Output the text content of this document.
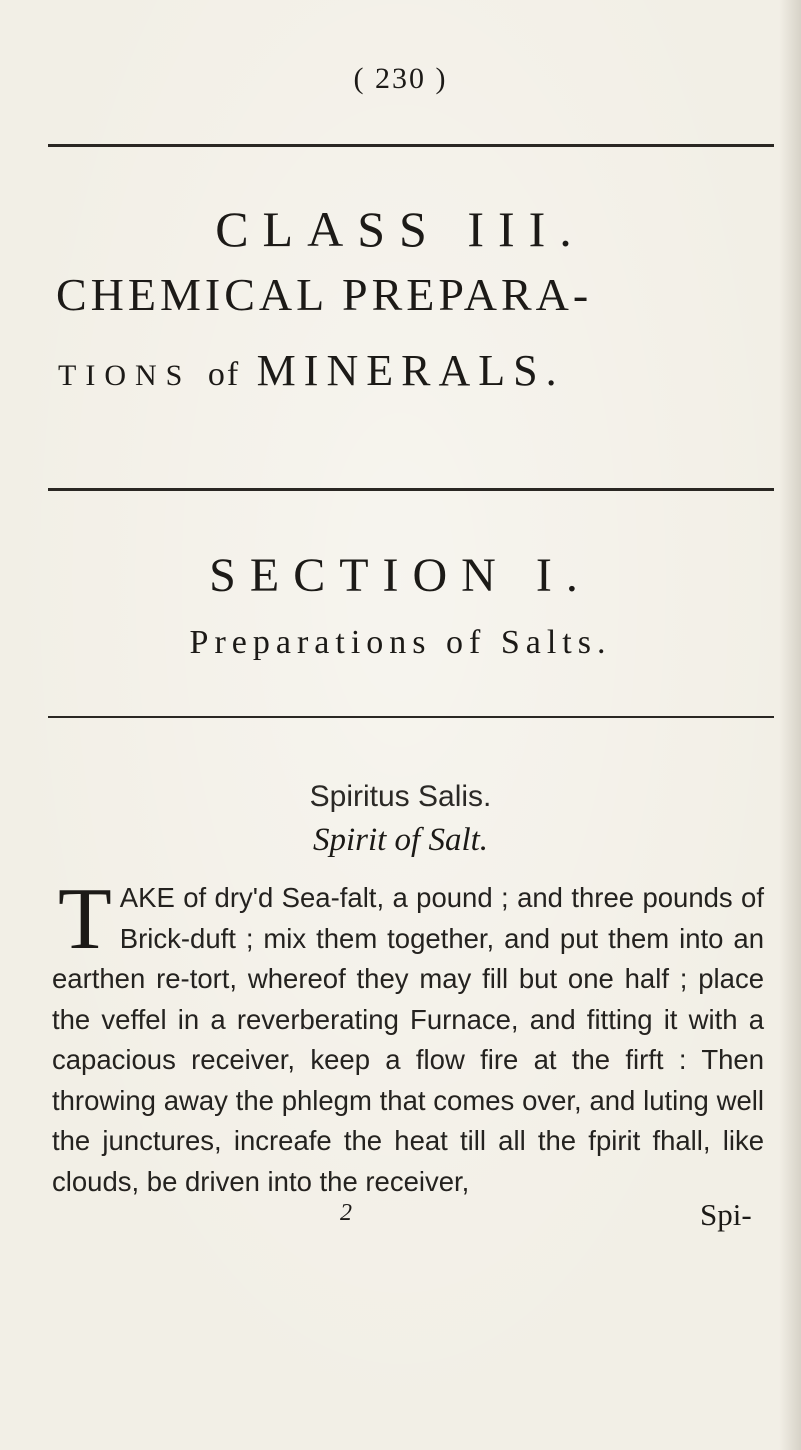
( 230 )
CLASS III.
CHEMICAL PREPARA-
TIONS of MINERALS.
SECTION I.
Preparations of Salts.
Spiritus Salis.
Spirit of Salt.
TAKE of dry'd Sea-falt, a pound ; and three pounds of Brick-duft ; mix them together, and put them into an earthen re-tort, whereof they may fill but one half ; place the veffel in a reverberating Furnace, and fitting it with a capacious receiver, keep a flow fire at the firft : Then throwing away the phlegm that comes over, and luting well the junctures, increafe the heat till all the fpirit fhall, like clouds, be driven into the receiver,
2	Spi-
